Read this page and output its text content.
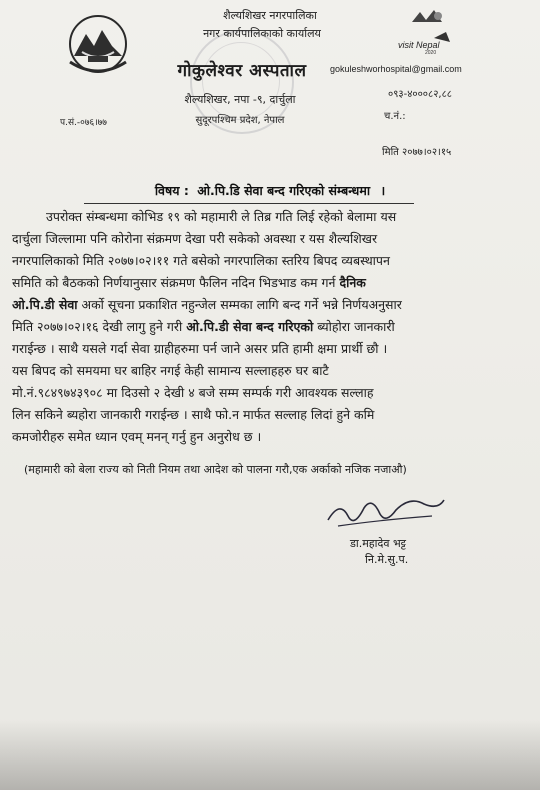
visit Nepal
2020
शैल्यशिखर नगरपालिका
नगर कार्यपालिकाको कार्यालय
गोकुलेश्वर अस्पताल
शैल्यशिखर, नपा -९, दार्चुला
सुदूरपश्चिम प्रदेश, नेपाल
gokuleshworhospital@gmail.com
०९३-४०००८२,८८
च.नं.:
प.सं.-०७६।७७
मिति २०७७।०२।१५
विषय : ओ.पि.डि सेवा बन्द गरिएको संम्बन्धमा ।
उपरोक्त संम्बन्धमा कोभिड १९ को महामारी ले तिब्र गति लिई रहेको बेलामा यस
दार्चुला जिल्लामा पनि कोरोना संक्रमण देखा परी सकेको अवस्था र यस शैल्यशिखर
नगरपालिकाको मिति २०७७।०२।११ गते बसेको नगरपालिका स्तरिय बिपद व्यबस्थापन
समिति को बैठकको निर्णयानुसार संक्रमण फैलिन नदिन भिडभाड कम गर्न दैनिक
ओ.पि.डी सेवा अर्को सूचना प्रकाशित नहुन्जेल सम्मका लागि बन्द गर्ने भन्ने निर्णयअनुसार
मिति २०७७।०२।१६ देखी लागु हुने गरी ओ.पि.डी सेवा बन्द गरिएको ब्योहोरा जानकारी
गराईन्छ । साथै यसले गर्दा सेवा ग्राहीहरुमा पर्न जाने असर प्रति हामी क्षमा प्रार्थी छौ ।
यस बिपद को समयमा घर बाहिर नगई केही सामान्य सल्लाहहरु घर बाटै
मो.नं.९८४९७४३९०८ मा दिउसो २ देखी ४ बजे सम्म सम्पर्क गरी आवश्यक सल्लाह
लिन सकिने ब्यहोरा जानकारी गराईन्छ । साथै फो.न मार्फत सल्लाह लिदां हुने कमि
कमजोरीहरु समेत ध्यान एवम् मनन् गर्नु हुन अनुरोध छ ।
(महामारी को बेला राज्य को निती नियम तथा आदेश को पालना गरौ,एक अर्काको नजिक नजाऔ)
डा.महादेव भट्ट
नि.मे.सु.प.
